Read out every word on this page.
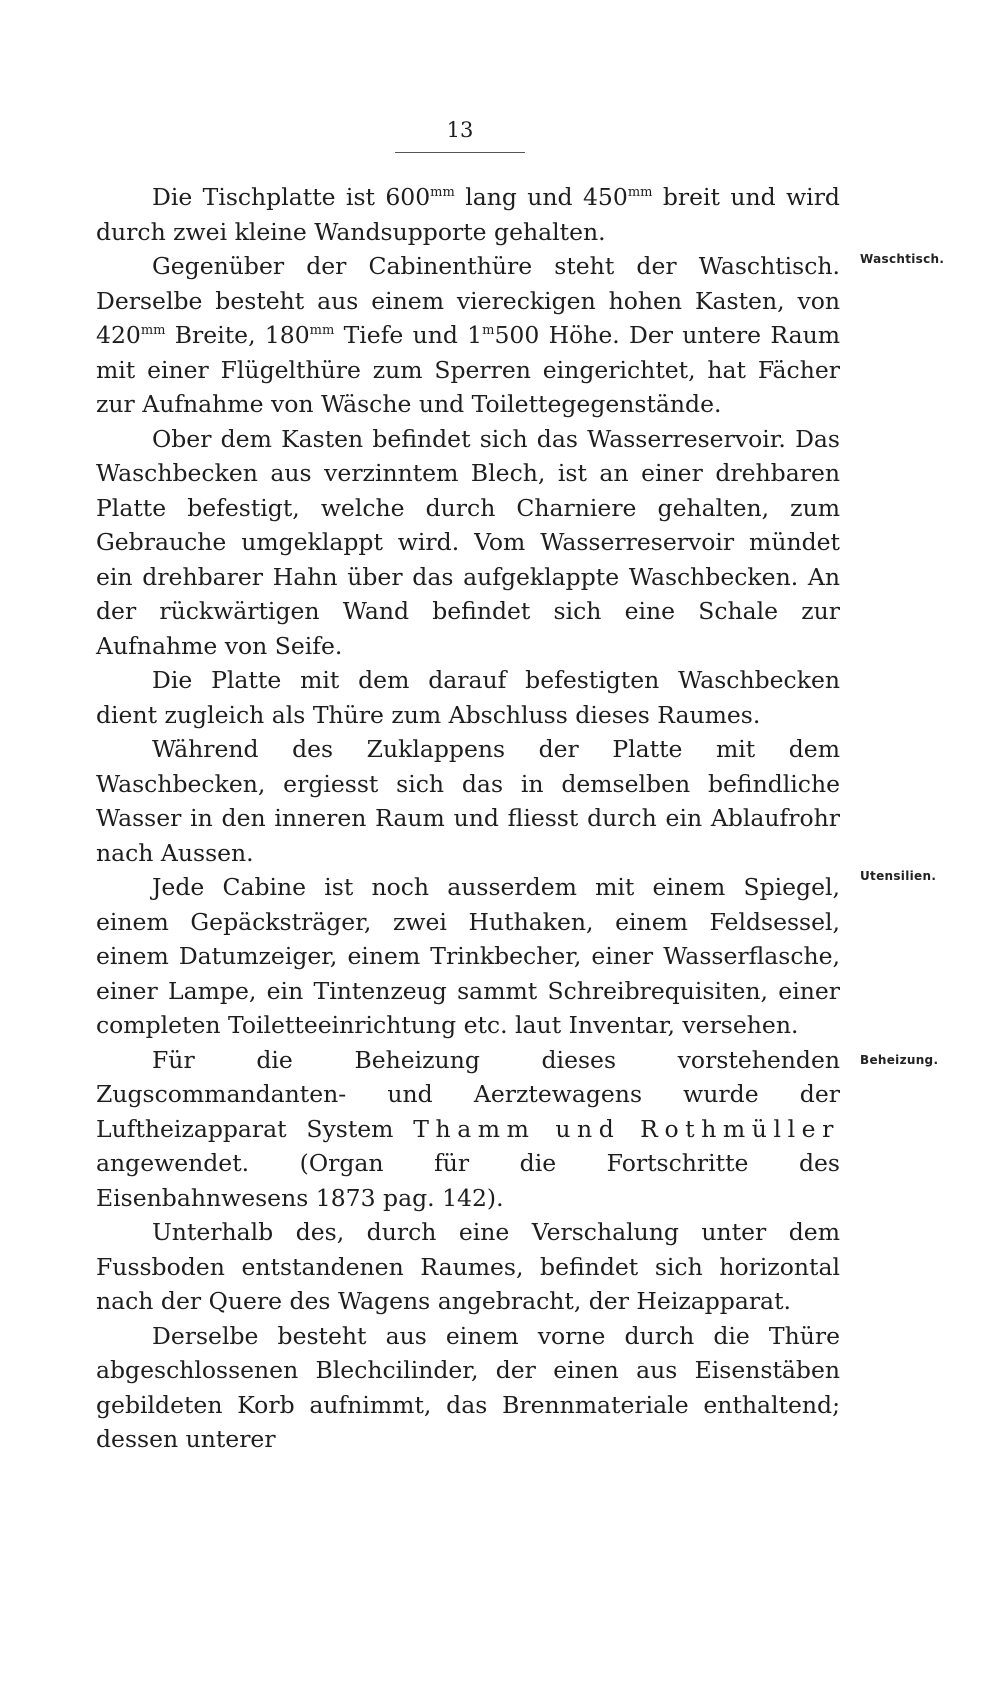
13
Waschtisch.
Utensilien.
Beheizung.

Die Tischplatte ist $600^{mm}$ lang und $450^{mm}$ breit und wird durch zwei kleine Wandsupporte gehalten.

Gegenüber der Cabinenthüre steht der Waschtisch. Derselbe besteht aus einem viereckigen hohen Kasten, von $420^{mm}$ Breite, $180^{mm}$ Tiefe und 1$^m$500 Höhe. Der untere Raum mit einer Flügelthüre zum Sperren eingerichtet, hat Fächer zur Aufnahme von Wäsche und Toilettegegenstände.

Ober dem Kasten befindet sich das Wasserreservoir. Das Waschbecken aus verzinntem Blech, ist an einer drehbaren Platte befestigt, welche durch Charniere gehalten, zum Gebrauche umgeklappt wird. Vom Wasserreservoir mündet ein drehbarer Hahn über das aufgeklappte Waschbecken. An der rückwärtigen Wand befindet sich eine Schale zur Aufnahme von Seife.

Die Platte mit dem darauf befestigten Waschbecken dient zugleich als Thüre zum Abschluss dieses Raumes.

Während des Zuklappens der Platte mit dem Waschbecken, ergiesst sich das in demselben befindliche Wasser in den inneren Raum und fliesst durch ein Ablaufrohr nach Aussen.

Jede Cabine ist noch ausserdem mit einem Spiegel, einem Gepäcksträger, zwei Huthaken, einem Feldsessel, einem Datumzeiger, einem Trinkbecher, einer Wasserflasche, einer Lampe, ein Tintenzeug sammt Schreibrequisiten, einer completen Toiletteeinrichtung etc. laut Inventar, versehen.

Für die Beheizung dieses vorstehenden Zugscommandanten- und Aerztewagens wurde der Luftheizapparat System Thamm und Rothmüller angewendet. (Organ für die Fortschritte des Eisenbahnwesens 1873 pag. 142).

Unterhalb des, durch eine Verschalung unter dem Fussboden entstandenen Raumes, befindet sich horizontal nach der Quere des Wagens angebracht, der Heizapparat.

Derselbe besteht aus einem vorne durch die Thüre abgeschlossenen Blechcilinder, der einen aus Eisenstäben gebildeten Korb aufnimmt, das Brennmateriale enthaltend; dessen unterer
